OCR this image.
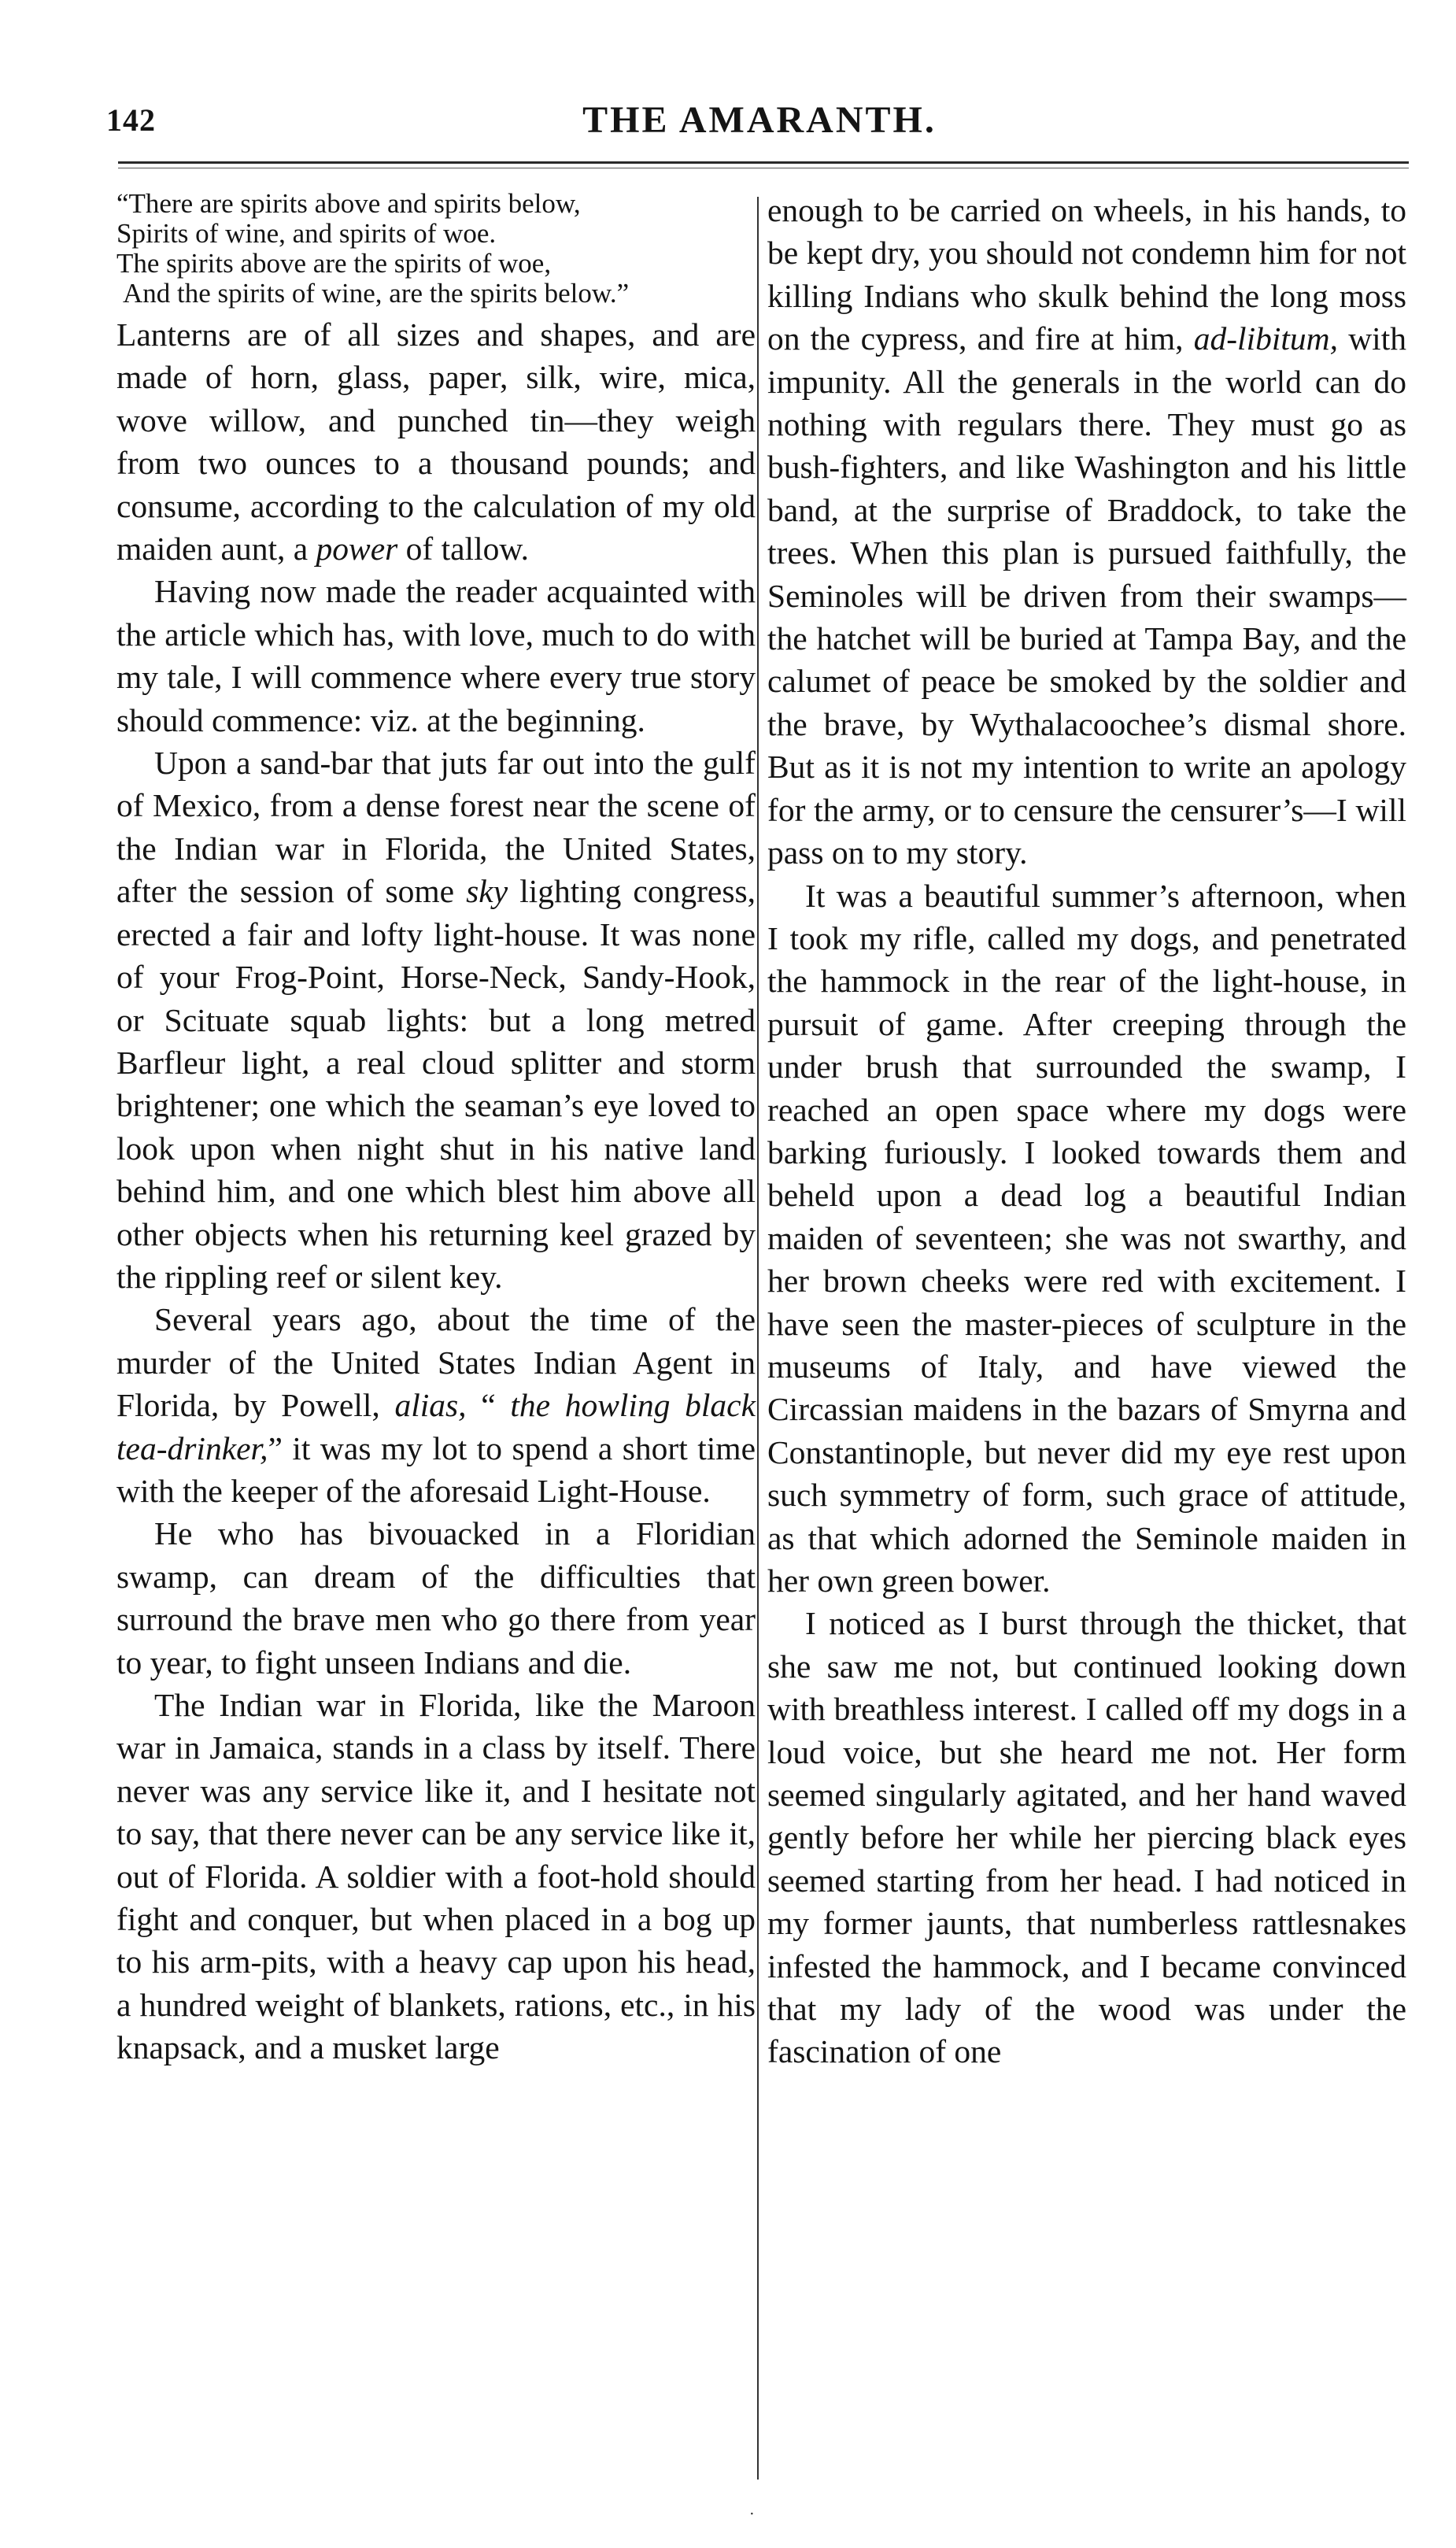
142	THE AMARANTH.
“There are spirits above and spirits below,
Spirits of wine, and spirits of woe.
The spirits above are the spirits of woe,
And the spirits of wine, are the spirits below.”

Lanterns are of all sizes and shapes, and are made of horn, glass, paper, silk, wire, mica, wove willow, and punched tin—they weigh from two ounces to a thousand pounds; and consume, according to the calculation of my old maiden aunt, a power of tallow.

Having now made the reader acquainted with the article which has, with love, much to do with my tale, I will commence where every true story should commence: viz. at the beginning.

Upon a sand-bar that juts far out into the gulf of Mexico, from a dense forest near the scene of the Indian war in Florida, the United States, after the session of some sky lighting congress, erected a fair and lofty light-house. It was none of your Frog-Point, Horse-Neck, Sandy-Hook, or Scituate squab lights: but a long metred Barfleur light, a real cloud splitter and storm brightener; one which the seaman’s eye loved to look upon when night shut in his native land behind him, and one which blest him above all other objects when his returning keel grazed by the rippling reef or silent key.

Several years ago, about the time of the murder of the United States Indian Agent in Florida, by Powell, alias, “ the howling black tea-drinker,” it was my lot to spend a short time with the keeper of the aforesaid Light-House.

He who has bivouacked in a Floridian swamp, can dream of the difficulties that surround the brave men who go there from year to year, to fight unseen Indians and die.

The Indian war in Florida, like the Maroon war in Jamaica, stands in a class by itself. There never was any service like it, and I hesitate not to say, that there never can be any service like it, out of Florida. A soldier with a foot-hold should fight and conquer, but when placed in a bog up to his arm-pits, with a heavy cap upon his head, a hundred weight of blankets, rations, etc., in his knapsack, and a musket large

enough to be carried on wheels, in his hands, to be kept dry, you should not condemn him for not killing Indians who skulk behind the long moss on the cypress, and fire at him, ad-libitum, with impunity. All the generals in the world can do nothing with regulars there. They must go as bush-fighters, and like Washington and his little band, at the surprise of Braddock, to take the trees. When this plan is pursued faithfully, the Seminoles will be driven from their swamps—the hatchet will be buried at Tampa Bay, and the calumet of peace be smoked by the soldier and the brave, by Wythalacoochee’s dismal shore. But as it is not my intention to write an apology for the army, or to censure the censurer’s—I will pass on to my story.

It was a beautiful summer’s afternoon, when I took my rifle, called my dogs, and penetrated the hammock in the rear of the light-house, in pursuit of game. After creeping through the under brush that surrounded the swamp, I reached an open space where my dogs were barking furiously. I looked towards them and beheld upon a dead log a beautiful Indian maiden of seventeen; she was not swarthy, and her brown cheeks were red with excitement. I have seen the master-pieces of sculpture in the museums of Italy, and have viewed the Circassian maidens in the bazars of Smyrna and Constantinople, but never did my eye rest upon such symmetry of form, such grace of attitude, as that which adorned the Seminole maiden in her own green bower.

I noticed as I burst through the thicket, that she saw me not, but continued looking down with breathless interest. I called off my dogs in a loud voice, but she heard me not. Her form seemed singularly agitated, and her hand waved gently before her while her piercing black eyes seemed starting from her head. I had noticed in my former jaunts, that numberless rattlesnakes infested the hammock, and I became convinced that my lady of the wood was under the fascination of one

·
